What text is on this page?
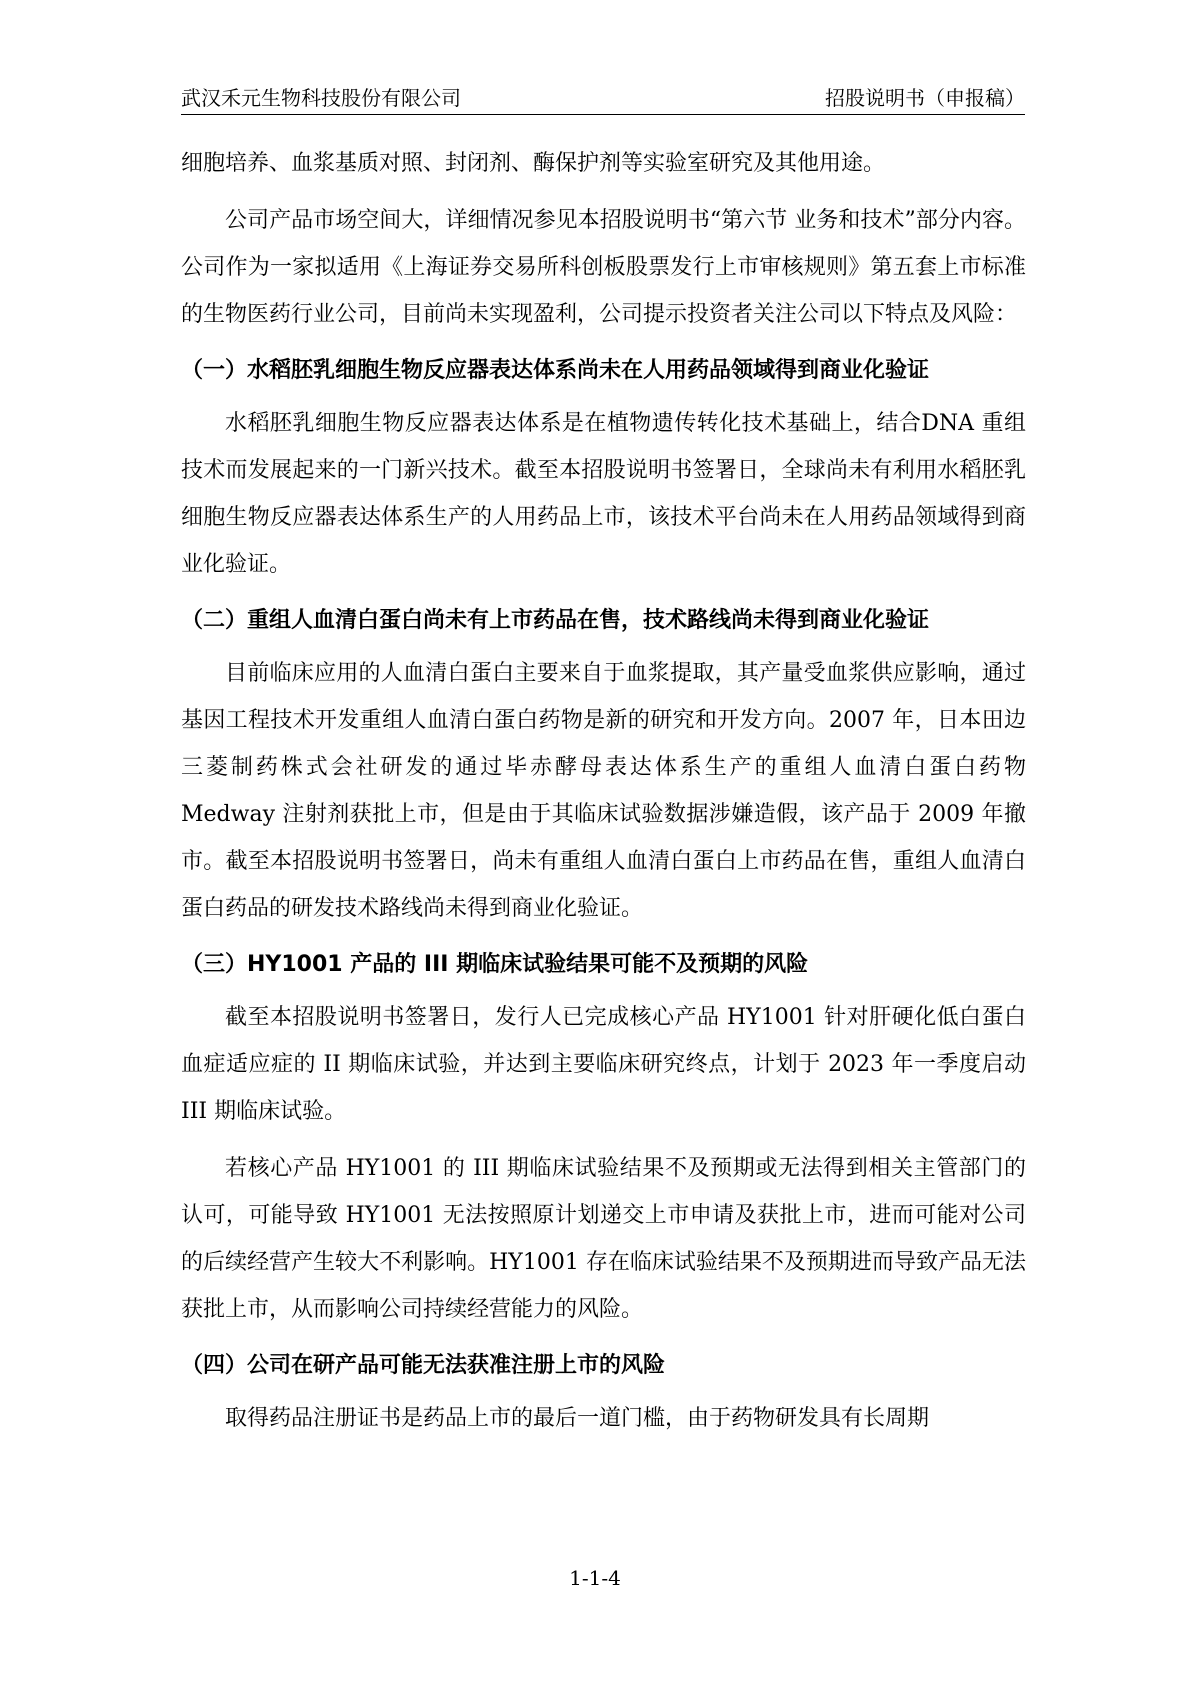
武汉禾元生物科技股份有限公司	招股说明书（申报稿）

细胞培养、血浆基质对照、封闭剂、酶保护剂等实验室研究及其他用途。

公司产品市场空间大，详细情况参见本招股说明书“第六节 业务和技术”部分内容。公司作为一家拟适用《上海证券交易所科创板股票发行上市审核规则》第五套上市标准的生物医药行业公司，目前尚未实现盈利，公司提示投资者关注公司以下特点及风险：

（一）水稻胚乳细胞生物反应器表达体系尚未在人用药品领域得到商业化验证

水稻胚乳细胞生物反应器表达体系是在植物遗传转化技术基础上，结合DNA 重组技术而发展起来的一门新兴技术。截至本招股说明书签署日，全球尚未有利用水稻胚乳细胞生物反应器表达体系生产的人用药品上市，该技术平台尚未在人用药品领域得到商业化验证。

（二）重组人血清白蛋白尚未有上市药品在售，技术路线尚未得到商业化验证

目前临床应用的人血清白蛋白主要来自于血浆提取，其产量受血浆供应影响，通过基因工程技术开发重组人血清白蛋白药物是新的研究和开发方向。2007 年，日本田边三菱制药株式会社研发的通过毕赤酵母表达体系生产的重组人血清白蛋白药物 Medway 注射剂获批上市，但是由于其临床试验数据涉嫌造假，该产品于 2009 年撤市。截至本招股说明书签署日，尚未有重组人血清白蛋白上市药品在售，重组人血清白蛋白药品的研发技术路线尚未得到商业化验证。

（三）HY1001 产品的 III 期临床试验结果可能不及预期的风险

截至本招股说明书签署日，发行人已完成核心产品 HY1001 针对肝硬化低白蛋白血症适应症的 II 期临床试验，并达到主要临床研究终点，计划于 2023 年一季度启动 III 期临床试验。

若核心产品 HY1001 的 III 期临床试验结果不及预期或无法得到相关主管部门的认可，可能导致 HY1001 无法按照原计划递交上市申请及获批上市，进而可能对公司的后续经营产生较大不利影响。HY1001 存在临床试验结果不及预期进而导致产品无法获批上市，从而影响公司持续经营能力的风险。

（四）公司在研产品可能无法获准注册上市的风险

取得药品注册证书是药品上市的最后一道门槛，由于药物研发具有长周期

1-1-4
